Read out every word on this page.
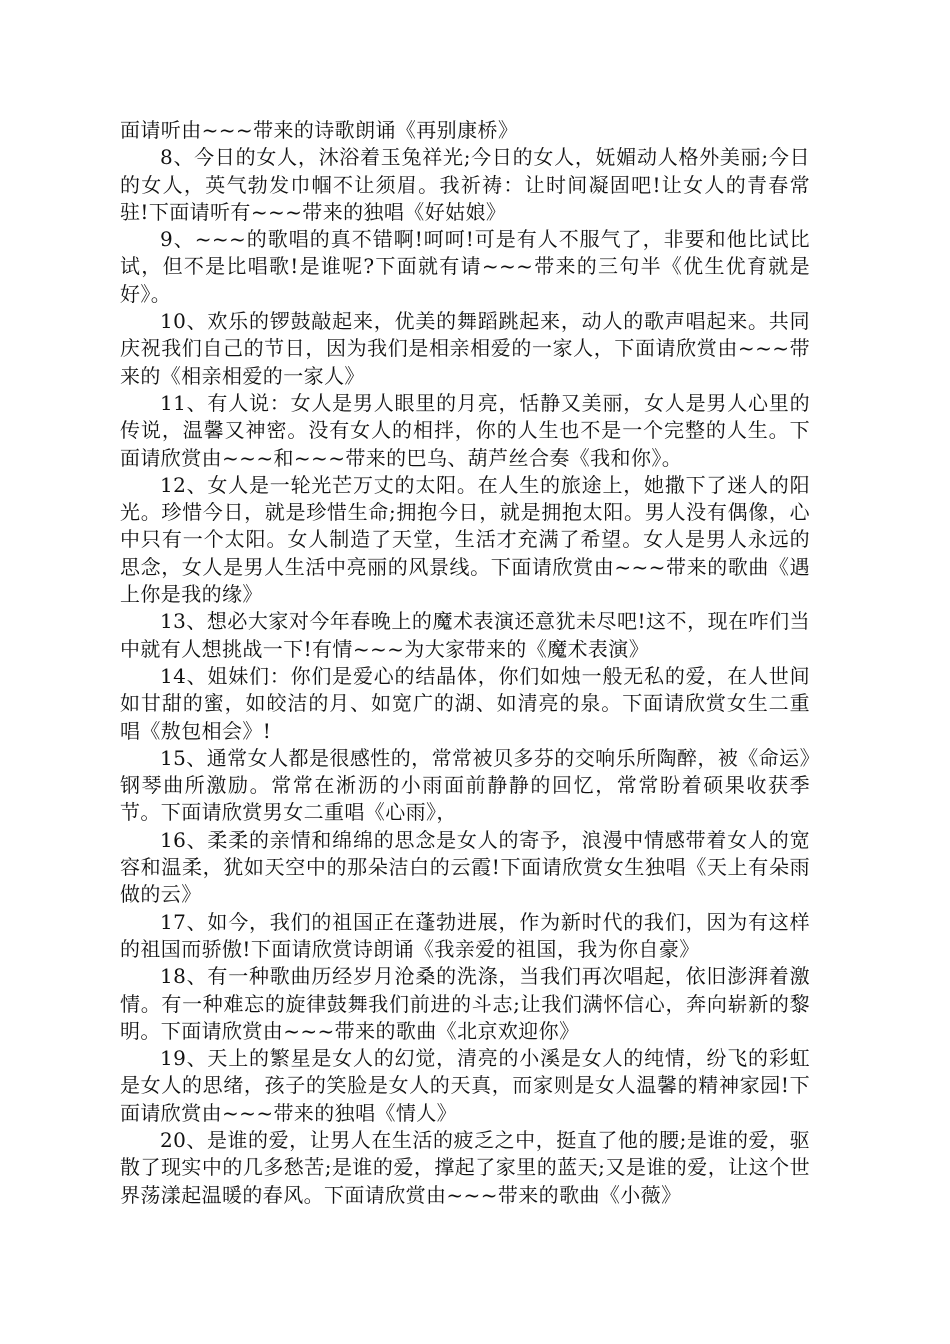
面请听由~~~带来的诗歌朗诵《再别康桥》

8、今日的女人，沐浴着玉兔祥光;今日的女人，妩媚动人格外美丽;今日的女人，英气勃发巾帼不让须眉。我祈祷：让时间凝固吧!让女人的青春常驻!下面请听有~~~带来的独唱《好姑娘》

9、~~~的歌唱的真不错啊!呵呵!可是有人不服气了，非要和他比试比试，但不是比唱歌!是谁呢?下面就有请~~~带来的三句半《优生优育就是好》。

10、欢乐的锣鼓敲起来，优美的舞蹈跳起来，动人的歌声唱起来。共同庆祝我们自己的节日，因为我们是相亲相爱的一家人，下面请欣赏由~~~带来的《相亲相爱的一家人》

11、有人说：女人是男人眼里的月亮，恬静又美丽，女人是男人心里的传说，温馨又神密。没有女人的相拌，你的人生也不是一个完整的人生。下面请欣赏由~~~和~~~带来的巴乌、葫芦丝合奏《我和你》。

12、女人是一轮光芒万丈的太阳。在人生的旅途上，她撒下了迷人的阳光。珍惜今日，就是珍惜生命;拥抱今日，就是拥抱太阳。男人没有偶像，心中只有一个太阳。女人制造了天堂，生活才充满了希望。女人是男人永远的思念，女人是男人生活中亮丽的风景线。下面请欣赏由~~~带来的歌曲《遇上你是我的缘》

13、想必大家对今年春晚上的魔术表演还意犹未尽吧!这不，现在咋们当中就有人想挑战一下!有情~~~为大家带来的《魔术表演》

14、姐妹们：你们是爱心的结晶体，你们如烛一般无私的爱，在人世间如甘甜的蜜，如皎洁的月、如宽广的湖、如清亮的泉。下面请欣赏女生二重唱《敖包相会》!

15、通常女人都是很感性的，常常被贝多芬的交响乐所陶醉，被《命运》钢琴曲所激励。常常在淅沥的小雨面前静静的回忆，常常盼着硕果收获季节。下面请欣赏男女二重唱《心雨》，

16、柔柔的亲情和绵绵的思念是女人的寄予，浪漫中情感带着女人的宽容和温柔，犹如天空中的那朵洁白的云霞!下面请欣赏女生独唱《天上有朵雨做的云》

17、如今，我们的祖国正在蓬勃进展，作为新时代的我们，因为有这样的祖国而骄傲!下面请欣赏诗朗诵《我亲爱的祖国，我为你自豪》

18、有一种歌曲历经岁月沧桑的洗涤，当我们再次唱起，依旧澎湃着激情。有一种难忘的旋律鼓舞我们前进的斗志;让我们满怀信心，奔向崭新的黎明。下面请欣赏由~~~带来的歌曲《北京欢迎你》

19、天上的繁星是女人的幻觉，清亮的小溪是女人的纯情，纷飞的彩虹是女人的思绪，孩子的笑脸是女人的天真，而家则是女人温馨的精神家园!下面请欣赏由~~~带来的独唱《情人》

20、是谁的爱，让男人在生活的疲乏之中，挺直了他的腰;是谁的爱，驱散了现实中的几多愁苦;是谁的爱，撑起了家里的蓝天;又是谁的爱，让这个世界荡漾起温暖的春风。下面请欣赏由~~~带来的歌曲《小薇》
